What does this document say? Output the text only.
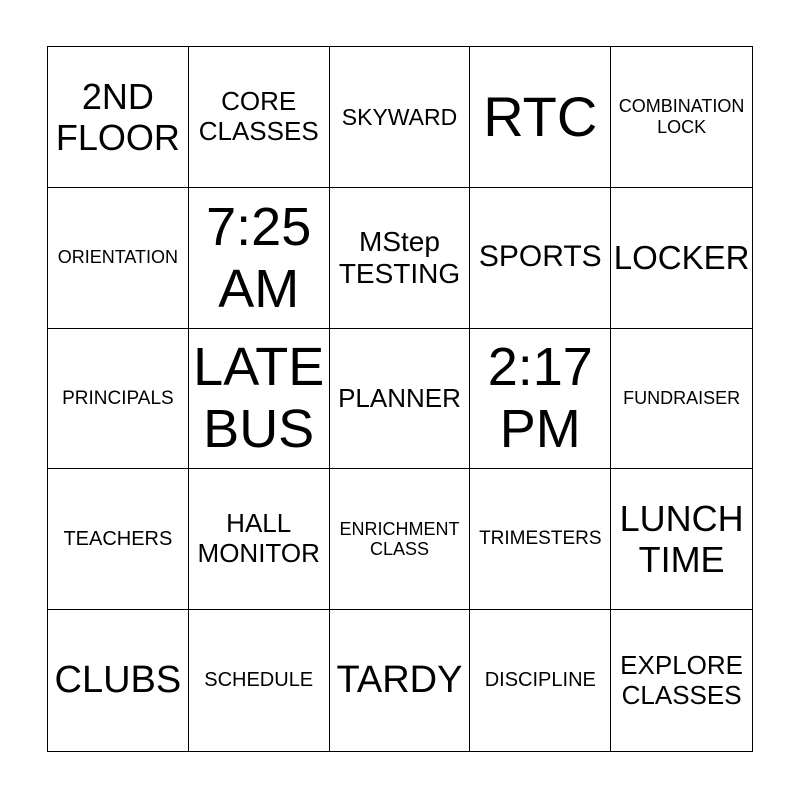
2ND
FLOOR
CORE
CLASSES SKYWARD RTC COMBINATION
LOCK
ORIENTATION
7:25
AM
MStep
TESTING SPORTS LOCKER
PRINCIPALS
LATE
BUS
PLANNER
2:17
PM
FUNDRAISER
TEACHERS
HALL
MONITOR
ENRICHMENT
CLASS	TRIMESTERS LUNCH
TIME
CLUBS SCHEDULE TARDY DISCIPLINE
EXPLORE
CLASSES
